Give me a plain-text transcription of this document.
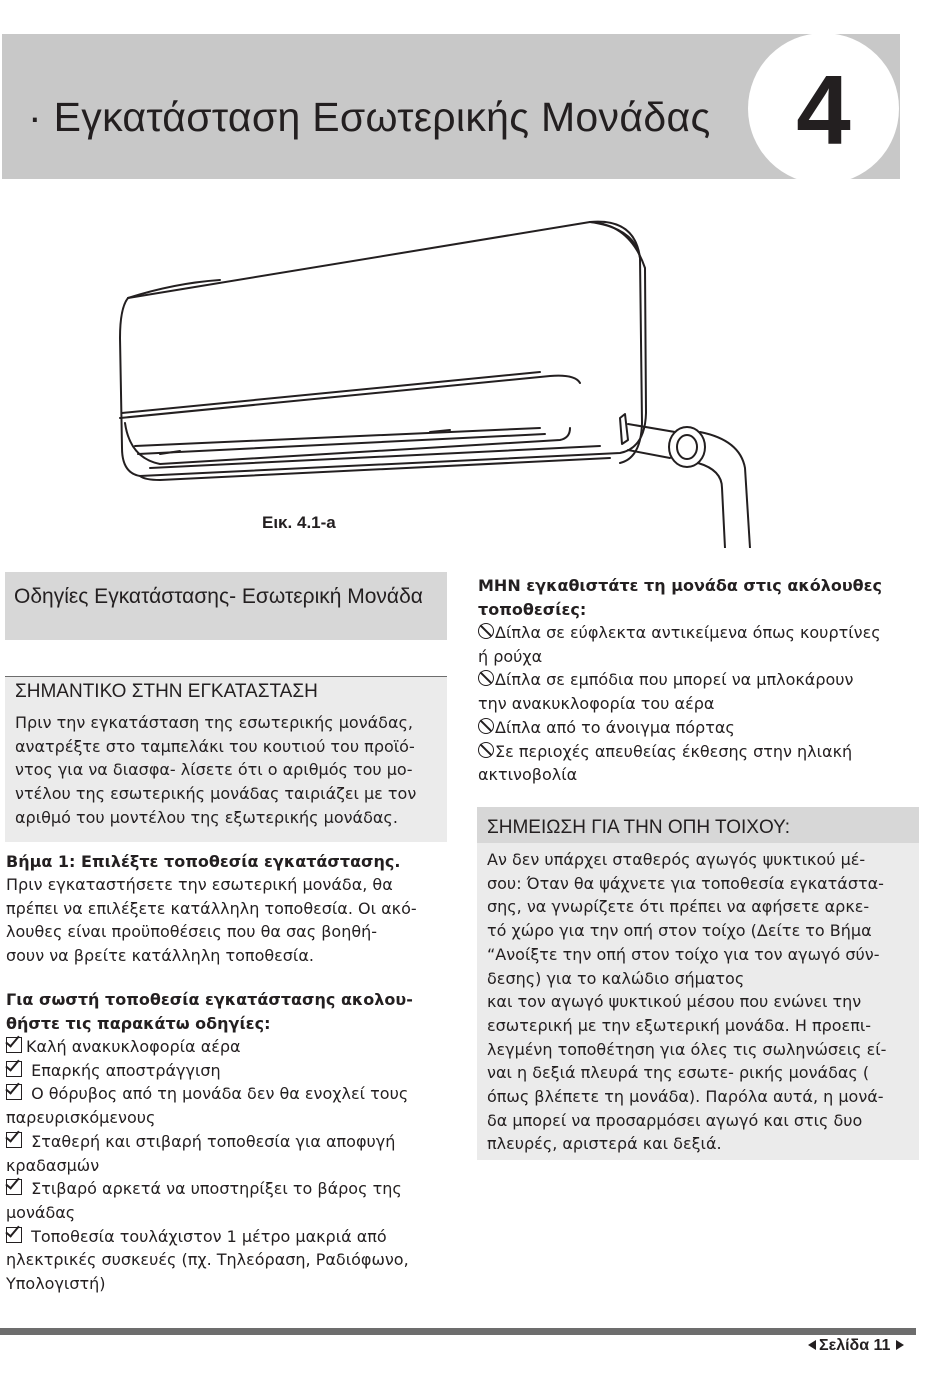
· Εγκατάσταση Εσωτερικής Μονάδας 4
Εικ. 4.1-a
Οδηγίες Εγκατάστασης- Εσωτερική Μονάδα
ΣΗΜΑΝΤΙΚΟ ΣΤΗΝ ΕΓΚΑΤΑΣΤΑΣΗ
Πριν την εγκατάσταση της εσωτερικής μονάδας,
ανατρέξτε στο ταμπελάκι του κουτιού του προϊό-
ντος για να διασφα- λίσετε ότι ο αριθμός του μο-
ντέλου της εσωτερικής μονάδας ταιριάζει με τον
αριθμό του μοντέλου της εξωτερικής μονάδας.
Βήμα 1: Επιλέξτε τοποθεσία εγκατάστασης.
Πριν εγκαταστήσετε την εσωτερική μονάδα, θα
πρέπει να επιλέξετε κατάλληλη τοποθεσία. Οι ακό-
λουθες είναι προϋποθέσεις που θα σας βοηθή-
σουν να βρείτε κατάλληλη τοποθεσία.
Για σωστή τοποθεσία εγκατάστασης ακολου-
θήστε τις παρακάτω οδηγίες:
Καλή ανακυκλοφορία αέρα
Επαρκής αποστράγγιση
Ο θόρυβος από τη μονάδα δεν θα ενοχλεί τους
παρευρισκόμενους
Σταθερή και στιβαρή τοποθεσία για αποφυγή
κραδασμών
Στιβαρό αρκετά να υποστηρίξει το βάρος της
μονάδας
Τοποθεσία τουλάχιστον 1 μέτρο μακριά από
ηλεκτρικές συσκευές (πχ. Τηλεόραση, Ραδιόφωνο,
Υπολογιστή)
ΜΗΝ εγκαθιστάτε τη μονάδα στις ακόλουθες
τοποθεσίες:
Δίπλα σε εύφλεκτα αντικείμενα όπως κουρτίνες
ή ρούχα
Δίπλα σε εμπόδια που μπορεί να μπλοκάρουν
την ανακυκλοφορία του αέρα
Δίπλα από το άνοιγμα πόρτας
Σε περιοχές απευθείας έκθεσης στην ηλιακή
ακτινοβολία
ΣΗΜΕΙΩΣΗ ΓΙΑ ΤΗΝ ΟΠΗ ΤΟΙΧΟΥ:
Αν δεν υπάρχει σταθερός αγωγός ψυκτικού μέ-
σου: Όταν θα ψάχνετε για τοποθεσία εγκατάστα-
σης, να γνωρίζετε ότι πρέπει να αφήσετε αρκε-
τό χώρο για την οπή στον τοίχο (Δείτε το Βήμα
“Ανοίξτε την οπή στον τοίχο για τον αγωγό σύν-
δεσης) για το καλώδιο σήματος
και τον αγωγό ψυκτικού μέσου που ενώνει την
εσωτερική με την εξωτερική μονάδα. Η προεπι-
λεγμένη τοποθέτηση για όλες τις σωληνώσεις εί-
ναι η δεξιά πλευρά της εσωτε- ρικής μονάδας (
όπως βλέπετε τη μονάδα). Παρόλα αυτά, η μονά-
δα μπορεί να προσαρμόσει αγωγό και στις δυο
πλευρές, αριστερά και δεξιά.
Σελίδα 11
